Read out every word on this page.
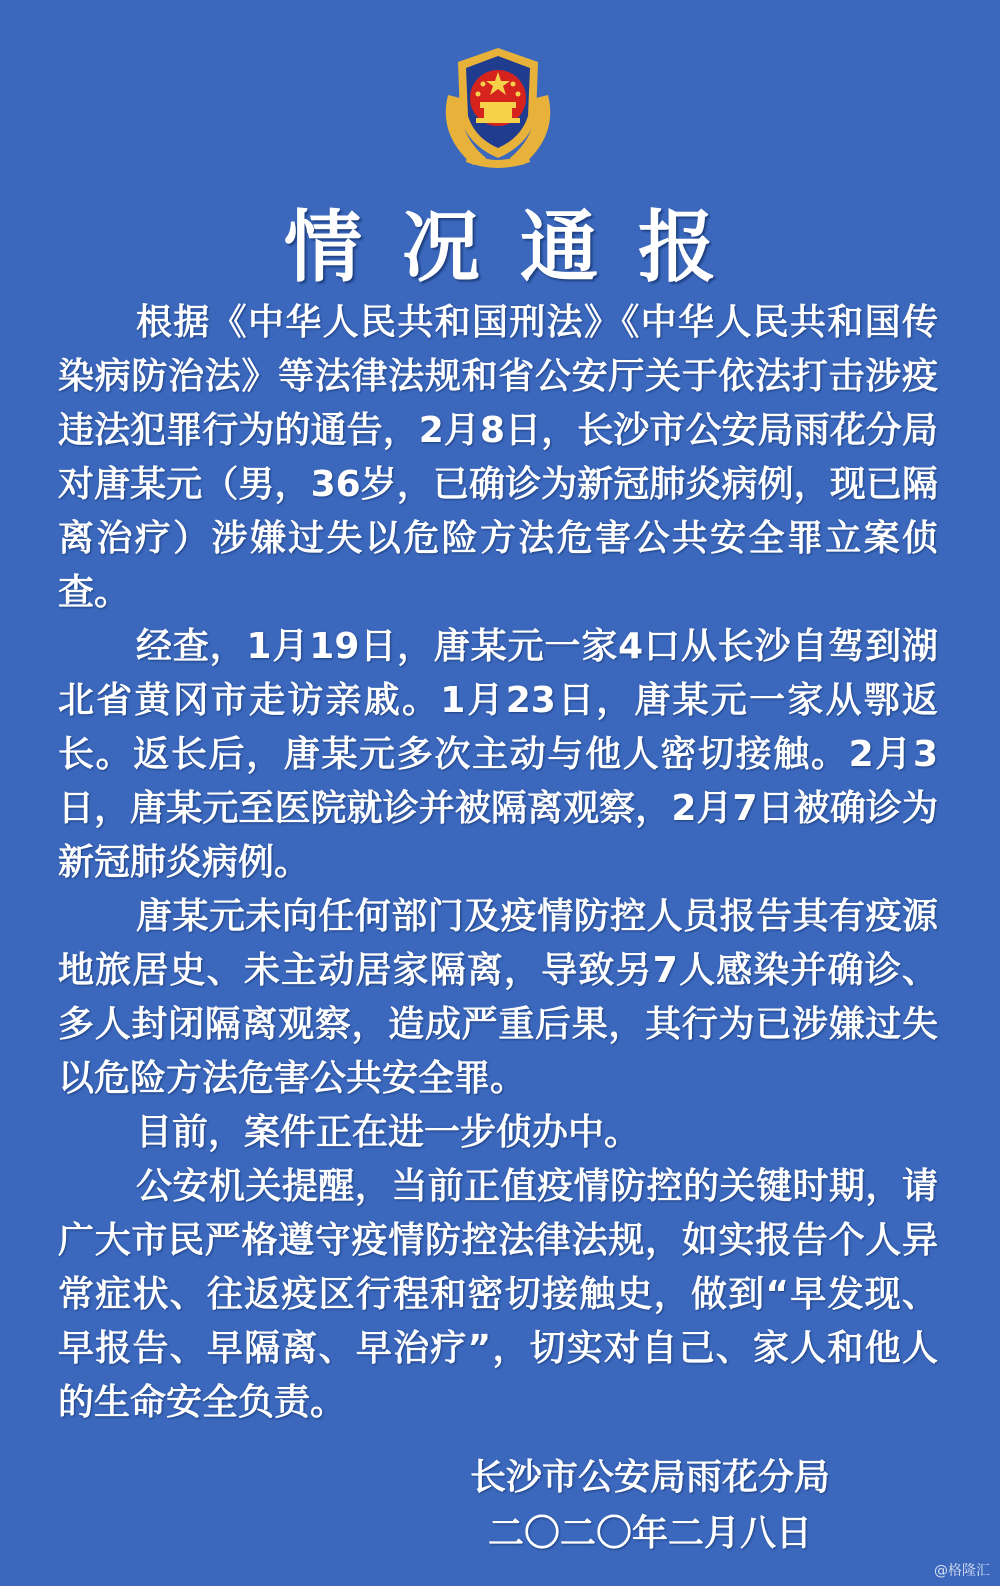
情况通报

根据《中华人民共和国刑法》《中华人民共和国传染病防治法》等法律法规和省公安厅关于依法打击涉疫违法犯罪行为的通告，2月8日，长沙市公安局雨花分局对唐某元（男，36岁，已确诊为新冠肺炎病例，现已隔离治疗）涉嫌过失以危险方法危害公共安全罪立案侦查。

经查，1月19日，唐某元一家4口从长沙自驾到湖北省黄冈市走访亲戚。1月23日，唐某元一家从鄂返长。返长后，唐某元多次主动与他人密切接触。2月3日，唐某元至医院就诊并被隔离观察，2月7日被确诊为新冠肺炎病例。

唐某元未向任何部门及疫情防控人员报告其有疫源地旅居史、未主动居家隔离，导致另7人感染并确诊、多人封闭隔离观察，造成严重后果，其行为已涉嫌过失以危险方法危害公共安全罪。

目前，案件正在进一步侦办中。

公安机关提醒，当前正值疫情防控的关键时期，请广大市民严格遵守疫情防控法律法规，如实报告个人异常症状、往返疫区行程和密切接触史，做到“早发现、早报告、早隔离、早治疗”，切实对自己、家人和他人的生命安全负责。

长沙市公安局雨花分局
二〇二〇年二月八日
@格隆汇
